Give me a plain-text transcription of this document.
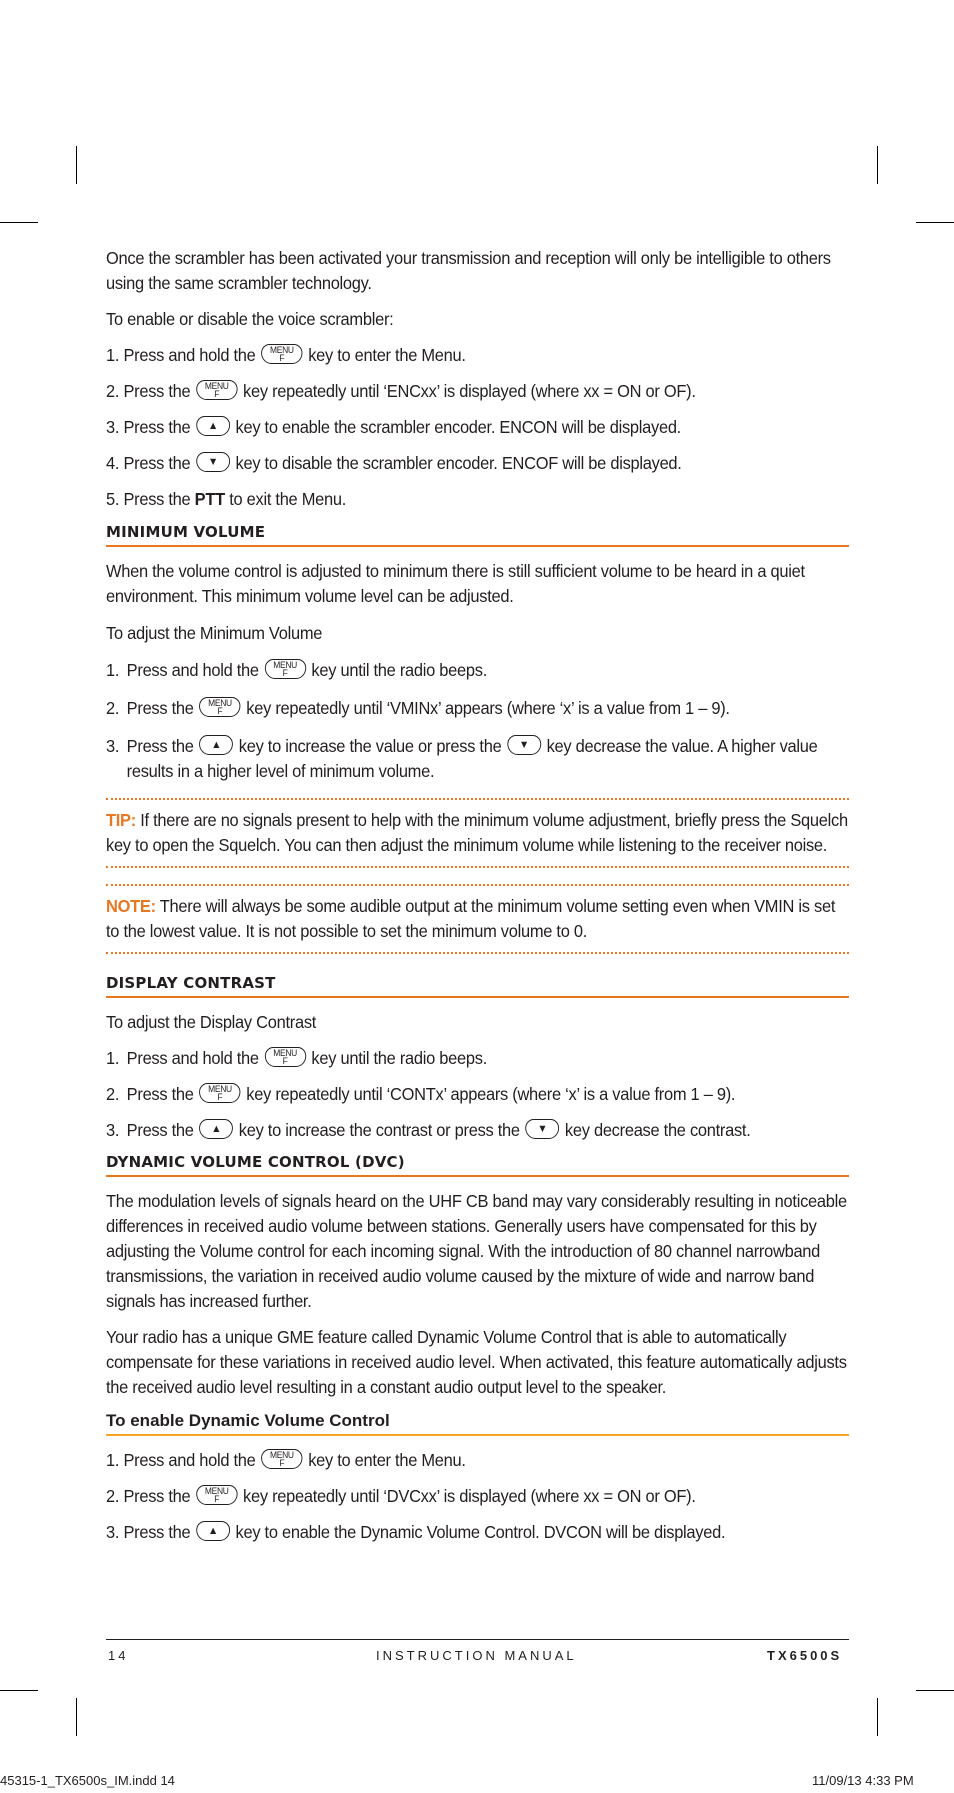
Once the scrambler has been activated your transmission and reception will only be intelligible to others using the same scrambler technology.

To enable or disable the voice scrambler:

1. Press and hold the	MENU
F	key to enter the Menu.

2. Press the	MENU
F	key repeatedly until ‘ENCxx’ is displayed (where xx = ON or OF).

3. Press the	▲	key to enable the scrambler encoder. ENCON will be displayed.

4. Press the	▼	key to disable the scrambler encoder. ENCOF will be displayed.

5. Press the
PTT
to exit the Menu.

MINIMUM VOLUME

When the volume control is adjusted to minimum there is still sufficient volume to be heard in a quiet environment. This minimum volume level can be adjusted.

To adjust the Minimum Volume

1. Press and hold the	MENU
F	key until the radio beeps.

2. Press the	MENU
F	key repeatedly until ‘VMINx’ appears (where ‘x’ is a value from 1 – 9).

3. Press the ▲ key to increase the value or press the ▼ key decrease the value. A higher value results in a higher level of minimum volume.

TIP: If there are no signals present to help with the minimum volume adjustment, briefly press the Squelch key to open the Squelch. You can then adjust the minimum volume while listening to the receiver noise.

NOTE: There will always be some audible output at the minimum volume setting even when VMIN is set to the lowest value. It is not possible to set the minimum volume to 0.

DISPLAY CONTRAST

To adjust the Display Contrast

1. Press and hold the	MENU
F	key until the radio beeps.

2. Press the	MENU
F	key repeatedly until ‘CONTx’ appears (where ‘x’ is a value from 1 – 9).

3. Press the ▲ key to increase the contrast or press the ▼ key decrease the contrast.

DYNAMIC VOLUME CONTROL (DVC)

The modulation levels of signals heard on the UHF CB band may vary considerably resulting in noticeable differences in received audio volume between stations. Generally users have compensated for this by adjusting the Volume control for each incoming signal. With the introduction of 80 channel narrowband transmissions, the variation in received audio volume caused by the mixture of wide and narrow band signals has increased further.

Your radio has a unique GME feature called Dynamic Volume Control that is able to automatically compensate for these variations in received audio level. When activated, this feature automatically adjusts the received audio level resulting in a constant audio output level to the speaker.

To enable Dynamic Volume Control

1. Press and hold the	MENU
F	key to enter the Menu.

2. Press the	MENU
F	key repeatedly until ‘DVCxx’ is displayed (where xx = ON or OF).

3. Press the	▲	key to enable the Dynamic Volume Control. DVCON will be displayed.

14	INSTRUCTION MANUAL	TX6500S
45315-1_TX6500s_IM.indd 14	11/09/13 4:33 PM
